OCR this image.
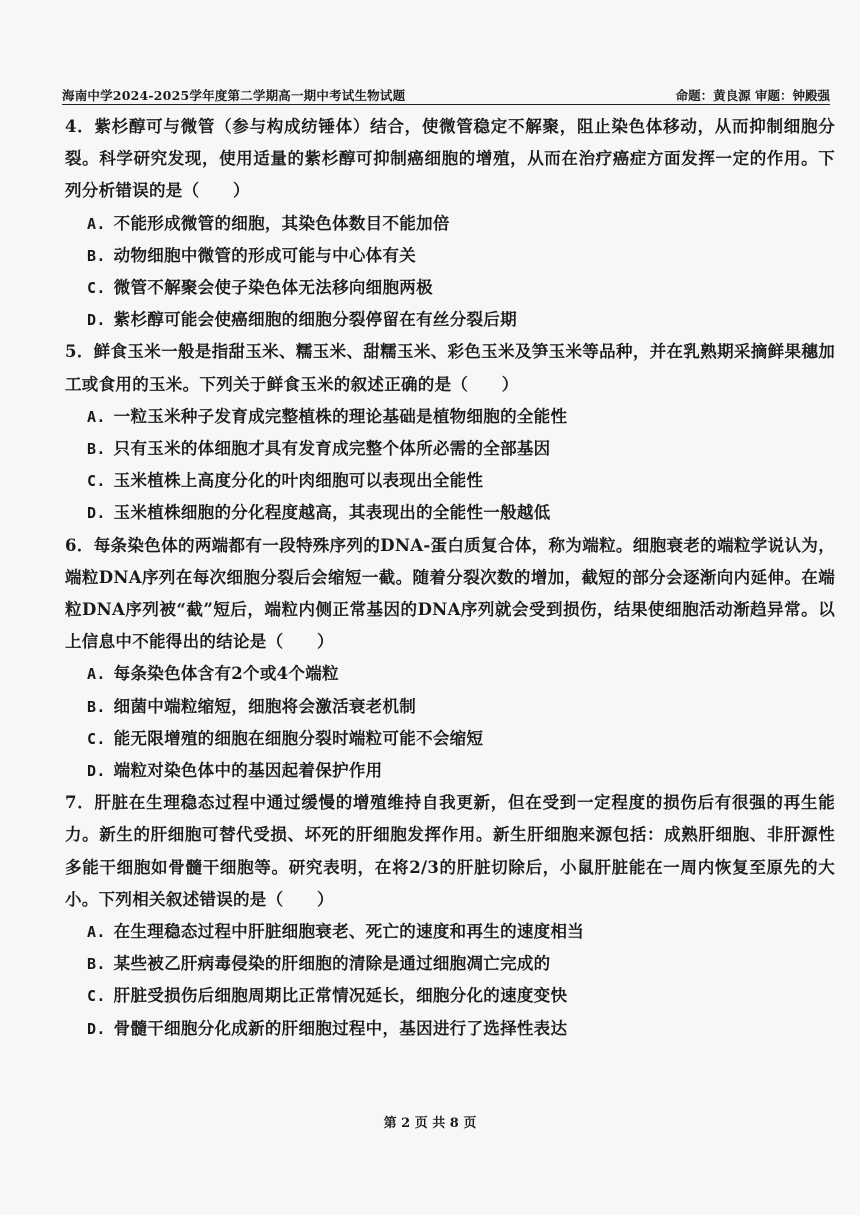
海南中学2024-2025学年度第二学期高一期中考试生物试题	命题：黄良源 审题：钟殿强
4．紫杉醇可与微管（参与构成纺锤体）结合，使微管稳定不解聚，阻止染色体移动，从而抑制细胞分裂。科学研究发现，使用适量的紫杉醇可抑制癌细胞的增殖，从而在治疗癌症方面发挥一定的作用。下列分析错误的是（　　）
A. 不能形成微管的细胞，其染色体数目不能加倍
B. 动物细胞中微管的形成可能与中心体有关
C. 微管不解聚会使子染色体无法移向细胞两极
D. 紫杉醇可能会使癌细胞的细胞分裂停留在有丝分裂后期
5．鲜食玉米一般是指甜玉米、糯玉米、甜糯玉米、彩色玉米及笋玉米等品种，并在乳熟期采摘鲜果穗加工或食用的玉米。下列关于鲜食玉米的叙述正确的是（　　）
A. 一粒玉米种子发育成完整植株的理论基础是植物细胞的全能性
B. 只有玉米的体细胞才具有发育成完整个体所必需的全部基因
C. 玉米植株上高度分化的叶肉细胞可以表现出全能性
D. 玉米植株细胞的分化程度越高，其表现出的全能性一般越低
6．每条染色体的两端都有一段特殊序列的DNA-蛋白质复合体，称为端粒。细胞衰老的端粒学说认为，端粒DNA序列在每次细胞分裂后会缩短一截。随着分裂次数的增加，截短的部分会逐渐向内延伸。在端粒DNA序列被“截”短后，端粒内侧正常基因的DNA序列就会受到损伤，结果使细胞活动渐趋异常。以上信息中不能得出的结论是（　　）
A. 每条染色体含有2个或4个端粒
B. 细菌中端粒缩短，细胞将会激活衰老机制
C. 能无限增殖的细胞在细胞分裂时端粒可能不会缩短
D. 端粒对染色体中的基因起着保护作用
7．肝脏在生理稳态过程中通过缓慢的增殖维持自我更新，但在受到一定程度的损伤后有很强的再生能力。新生的肝细胞可替代受损、坏死的肝细胞发挥作用。新生肝细胞来源包括：成熟肝细胞、非肝源性多能干细胞如骨髓干细胞等。研究表明，在将2/3的肝脏切除后，小鼠肝脏能在一周内恢复至原先的大小。下列相关叙述错误的是（　　）
A. 在生理稳态过程中肝脏细胞衰老、死亡的速度和再生的速度相当
B. 某些被乙肝病毒侵染的肝细胞的清除是通过细胞凋亡完成的
C. 肝脏受损伤后细胞周期比正常情况延长，细胞分化的速度变快
D. 骨髓干细胞分化成新的肝细胞过程中，基因进行了选择性表达
第 2 页 共 8 页
